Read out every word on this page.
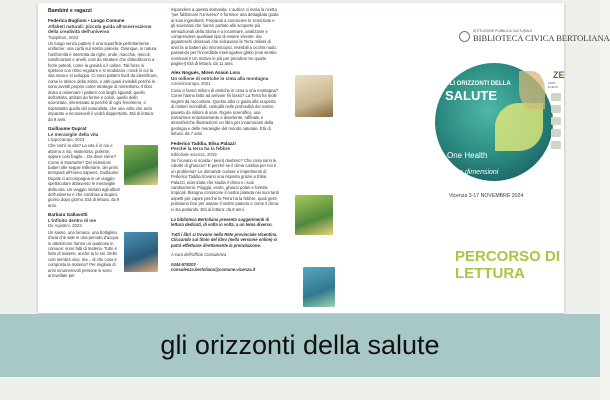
Bambini e ragazzi

Federica Buglioni • Luogo Comune

Alfabeti naturali: piccola guida all'osservazione della creatività dell'universo

Topipittori, 2023

Un luogo senza pattern è una superficie perfettamente uniforme: una cartà sul nostro pianeta. Ovunque, in natura, l'uniformità è interrotta da righe, onde, macchie, reticoli, ramificazioni e anelli, così da strutture che obbediscono a forze potenti, come la gravità o il calore. Tali forze si ripetono con ritmo regolare e si modulano i modi in cui la vita muta e si sviluppa. Ci sono pattern facili da identificare, come le strisce della zebra, e altri quasi invisibili perché le sono avvolti proprio come strategie di mimetismo. Il libro invita a osservare i pattern con larghi sguardi: quello dell'artista, attirato da forme e colori, quello dello scienziato, interessato ai perché di ogni fenomeno, e soprattutto quello del naturalista, che una volta che avrà imparato a riconoscerli li vedrà dappertutto. Età di lettura: da 9 anni.

Guillaume Duprat

Le meraviglie della vita

L'Ippocampo, 2023

Che cos'è la vita? La vita è in noi e attorno a noi, misteriosa, potente, oppure così fragile... Da dove viene? Come si trasmette? Dei misteriosi batteri alle seppie millenarie, dei primi terrapodi all'Homo sapiens, Guillaume Duprat ci accompagna in un viaggio spettacolare attraverso le meraviglie della vita. Un viaggio iniziato agli albori dell'universo e che continua a stupirci giorno dopo giorno. Età di lettura: da 9 anni.

Barbara Gallavotti

L'infinito dentro di me

De Agostini, 2023

Un sasso, una lumaca, una bottiglina d'aria che sale in una periodo d'acqua in attesizione hanno un qualcosa in comune: sono fatti di materia. Tutto è fatto di materie, anche tu lo sei. Dello così sembra vivo, ma... di che cosa è composta la materia? Per migliaia di anni innumerevoli persone si sono arrovellate per

rispondere a questa domanda. L'autrice ci svela la ricetta "per fabbricare l'Universo" e fornisce una dettagliata guida ai suoi ingredienti. Preparati a conoscere le scienziate e gli scienziati che hanno portato alle scoperte più sensazionali della Storia e a incontrare, analizzare e comprendere qualsiasi tipo di essere vivente: dai giganteschi dinosauri che solcavano la Terra milioni di anni fa ai batteri più microscopici, invisibili a occhio nudo, passando per l'incredibile interrogativo globo (mai sentito nominare)! Un motivo in più per prendere tre quarte pagine!) Età di lettura: da 11 anni.

Alex Nogués, Miren Asiain Lora

Un milione di ostriche in cima alla montagna

Camelozampa, 2021

Cosa ci fanno milioni di ostriche in cima a una montagna? Come hanno fatto ad arrivare fin lassù? La Terra ha molti segreti da raccontare. Questo albo ci guida alla scoperta di misteri incredibili, custoditi nelle profondità del nostro pianeta da milioni di anni. Rigore scientifico, una narrazione entusiasmante e divertente, raffinate e atmosferiche illustrazioni: un libro per innamorarsi della geologia e delle meraviglie del mondo naturale. Età di lettura: da 7 anni.

Federico Taddia, Elisa Palazzi

Perché la terra ha la febbre

Editoriale scienza, 2019

Se l'oceano si scalda / peso) duebmo? Che cosa sono le calotte di ghiaccio? E perché se il clima cambia per noi è un problema? Le domande curiose e impertinenti di Federico Taddia trovano una risposta grazie a Elisa Palazzi, scienziata che studia il clima e i suoi cambiamenti. Pioggia, vento, ghiacci polari e foreste tropicali. Bisogna conoscere il nostro pianeta nei suoi tanti aspetti per capire perché la Terra ha la febbre, quali gesti possiamo fare per aiutare il nostro pianeta e come il clima ci sta parlando. Età di lettura: da 8 anni.

La biblioteca Bertoliana presenta suggerimenti di lettura dedicati, di volta in volta, a un tema diverso.

Tutti i libri si trovano nella Rete provinciale Vicentina. Cliccando sul titolo del libro (nella versione online) si potrà effettuare direttamente la prenotazione.

A cura dell'Ufficio Consulenza

0444-578203 · consulenza.bertoliana@comune.vicenza.it

ISTITUZIONE PUBBLICA CULTURALE
BIBLIOTECA CIVICA BERTOLIANA
GLI ORIZZONTI DELLA
SALUTE
One Health
In tre dimensioni
Vicenza 3-17 NOVEMBRE 2024
ZE
ZERO EVENTI
PERCORSO DI LETTURA
gli orizzonti della salute
